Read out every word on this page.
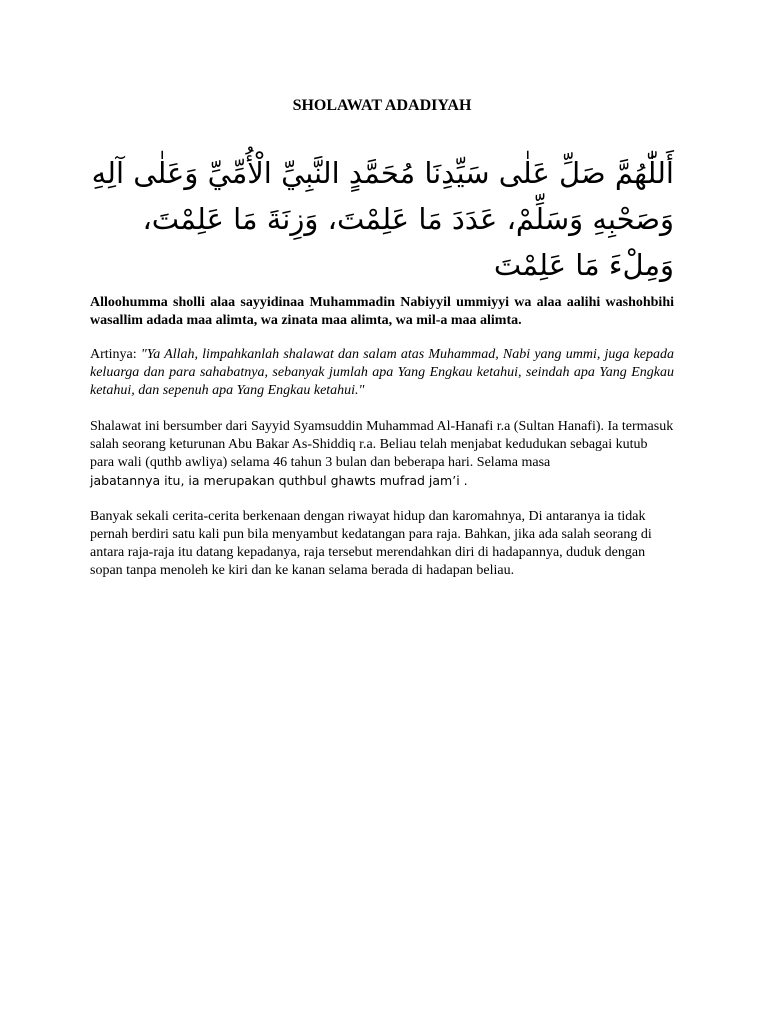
SHOLAWAT ADADIYAH

أَللّٰهُمَّ صَلِّ عَلٰى سَيِّدِنَا مُحَمَّدٍ النَّبِيِّ الْأُمِّيِّ وَعَلٰى آلِهِ وَصَحْبِهِ وَسَلِّمْ، عَدَدَ مَا عَلِمْتَ، وَزِنَةَ مَا عَلِمْتَ، وَمِلْءَ مَا عَلِمْتَ

Alloohumma sholli alaa sayyidinaa Muhammadin Nabiyyil ummiyyi wa alaa aalihi washohbihi wasallim adada maa alimta, wa zinata maa alimta, wa mil-a maa alimta.

Artinya: "Ya Allah, limpahkanlah shalawat dan salam atas Muhammad, Nabi yang ummi, juga kepada keluarga dan para sahabatnya, sebanyak jumlah apa Yang Engkau ketahui, seindah apa Yang Engkau ketahui, dan sepenuh apa Yang Engkau ketahui."

Shalawat ini bersumber dari Sayyid Syamsuddin Muhammad Al-Hanafi r.a (Sultan Hanafi). Ia termasuk salah seorang keturunan Abu Bakar As-Shiddiq r.a. Beliau telah menjabat kedudukan sebagai kutub para wali (quthb awliya) selama 46 tahun 3 bulan dan beberapa hari. Selama masa
jabatannya itu, ia merupakan quthbul ghawts mufrad jam’i .

Banyak sekali cerita-cerita berkenaan dengan riwayat hidup dan karomahnya, Di antaranya ia tidak pernah berdiri satu kali pun bila menyambut kedatangan para raja. Bahkan, jika ada salah seorang di antara raja-raja itu datang kepadanya, raja tersebut merendahkan diri di hadapannya, duduk dengan sopan tanpa menoleh ke kiri dan ke kanan selama berada di hadapan beliau.
